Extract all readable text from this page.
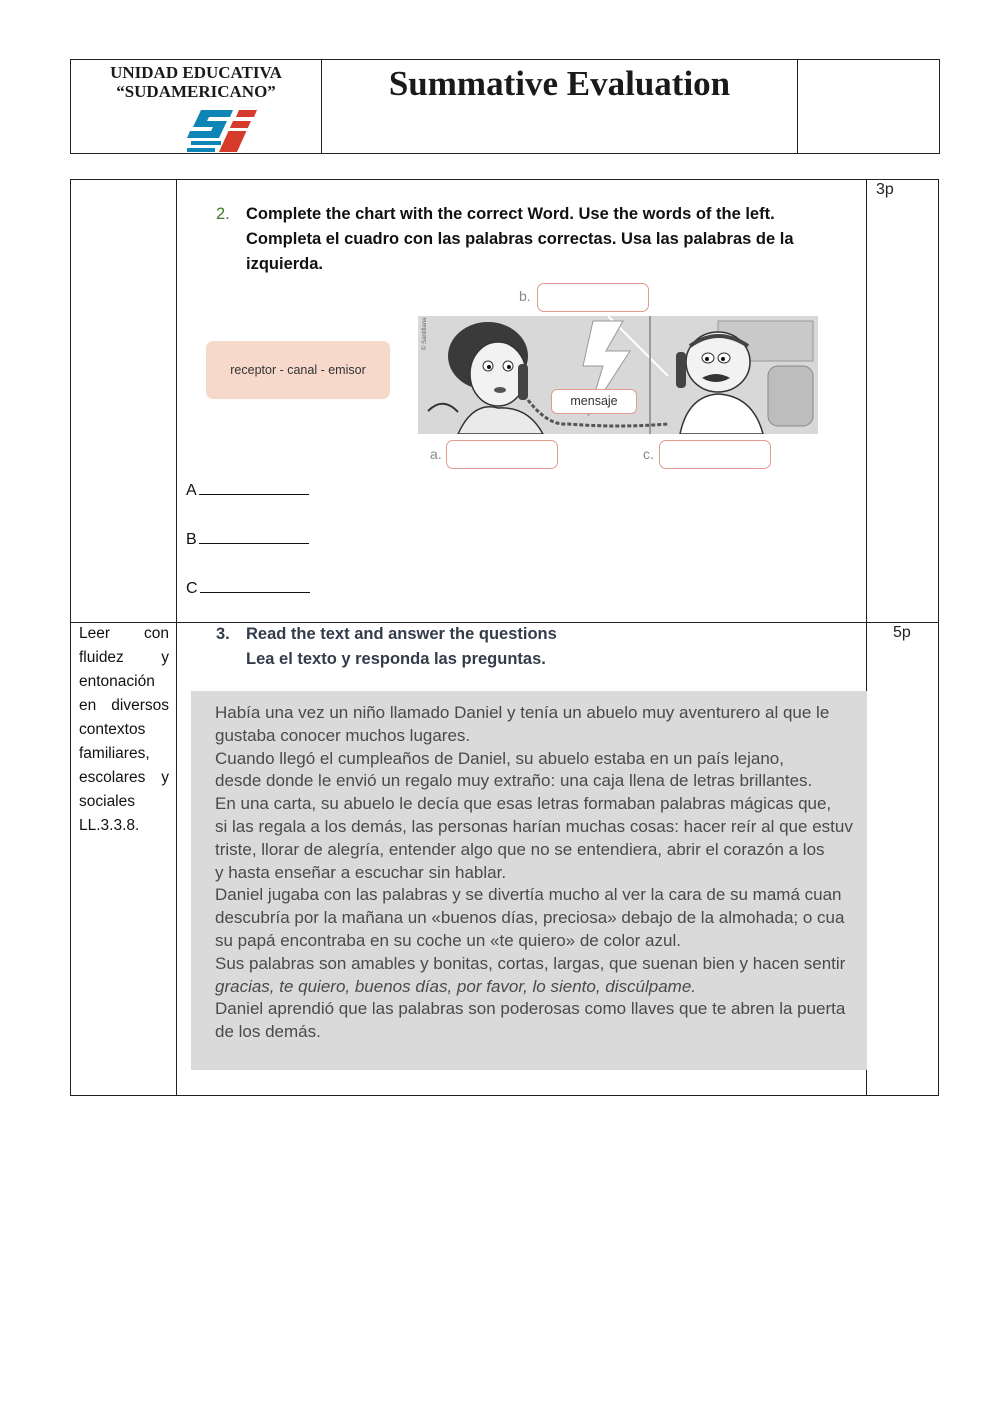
UNIDAD EDUCATIVA
“SUDAMERICANO”	Summative Evaluation
3p
2. Complete the chart with the correct Word. Use the words of the left.
Completa el cuadro con las palabras correctas. Usa las palabras de la
izquierda.
receptor - canal - emisor
b.
© Santillana
mensaje
a.	c.
A
B
C
Leer con
fluidez y
entonación
en diversos
contextos
familiares,
escolares y
sociales
LL.3.3.8.
5p
3. Read the text and answer the questions
Lea el texto y responda las preguntas.

Había una vez un niño llamado Daniel y tenía un abuelo muy aventurero al que le

gustaba conocer muchos lugares.

Cuando llegó el cumpleaños de Daniel, su abuelo estaba en un país lejano,

desde donde le envió un regalo muy extraño: una caja llena de letras brillantes.

En una carta, su abuelo le decía que esas letras formaban palabras mágicas que,

si las regala a los demás, las personas harían muchas cosas: hacer reír al que estuv

triste, llorar de alegría, entender algo que no se entendiera, abrir el corazón a los

y hasta enseñar a escuchar sin hablar.

Daniel jugaba con las palabras y se divertía mucho al ver la cara de su mamá cuan

descubría por la mañana un «buenos días, preciosa» debajo de la almohada; o cua

su papá encontraba en su coche un «te quiero» de color azul.

Sus palabras son amables y bonitas, cortas, largas, que suenan bien y hacen sentir

gracias, te quiero, buenos días, por favor, lo siento, discúlpame.

Daniel aprendió que las palabras son poderosas como llaves que te abren la puerta

de los demás.
